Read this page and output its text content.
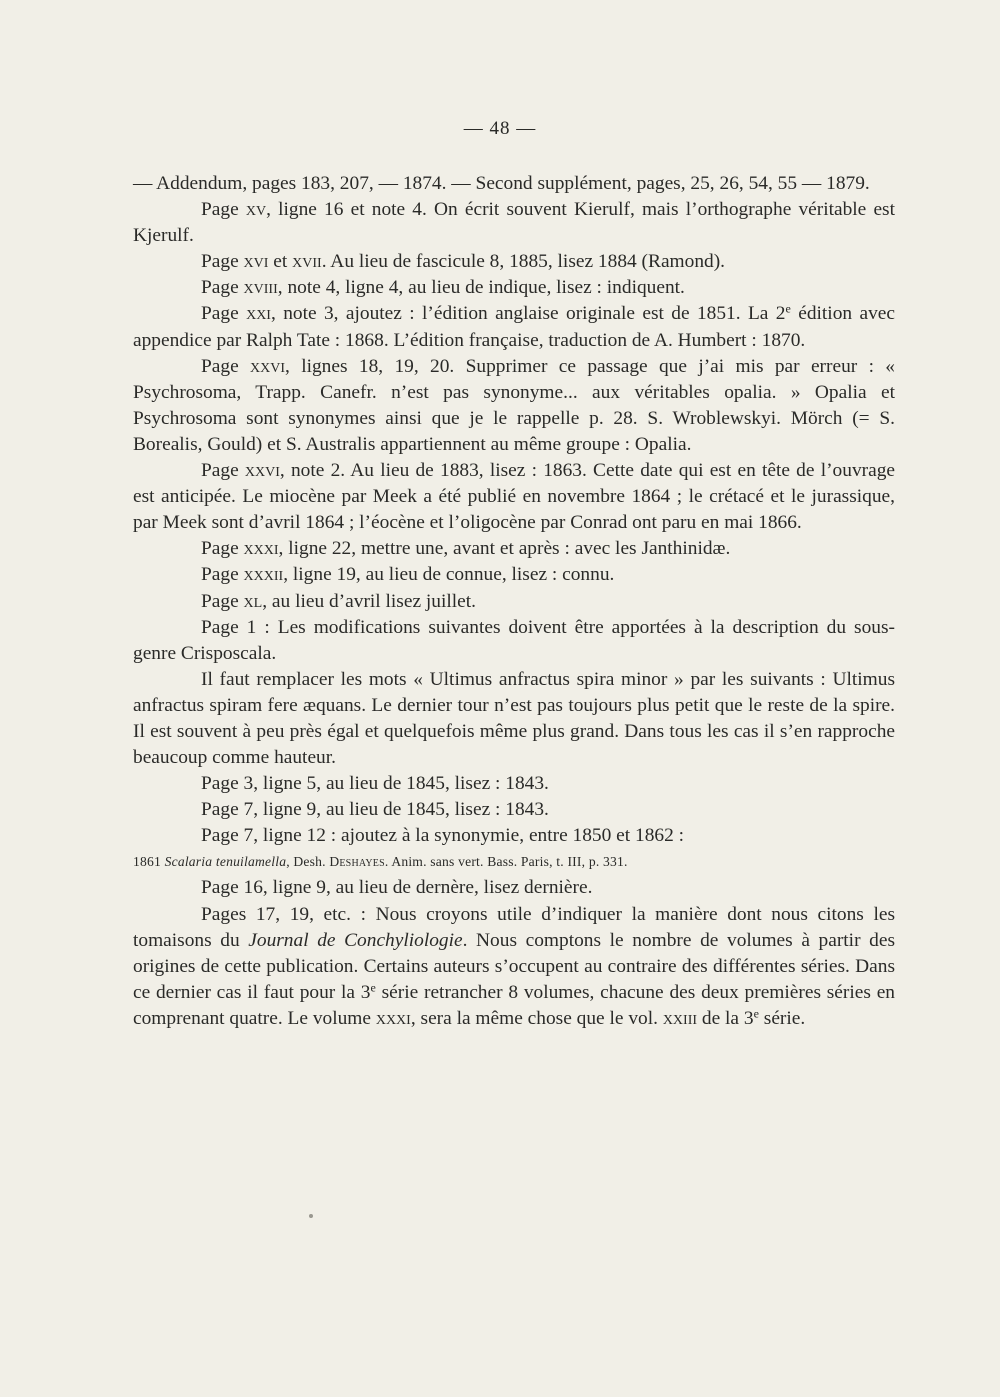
— 48 —

— Addendum, pages 183, 207, — 1874. — Second supplément, pages, 25, 26, 54, 55 — 1879.

Page xv, ligne 16 et note 4. On écrit souvent Kierulf, mais l’orthographe véritable est Kjerulf.

Page xvi et xvii. Au lieu de fascicule 8, 1885, lisez 1884 (Ramond).

Page xviii, note 4, ligne 4, au lieu de indique, lisez : indiquent.

Page xxi, note 3, ajoutez : l’édition anglaise originale est de 1851. La 2e édition avec appendice par Ralph Tate : 1868. L’édition française, traduction de A. Humbert : 1870.

Page xxvi, lignes 18, 19, 20. Supprimer ce passage que j’ai mis par erreur : « Psychrosoma, Trapp. Canefr. n’est pas synonyme... aux véritables opalia. » Opalia et Psychrosoma sont synonymes ainsi que je le rappelle p. 28. S. Wroblewskyi. Mörch (= S. Borealis, Gould) et S. Australis appartiennent au même groupe : Opalia.

Page xxvi, note 2. Au lieu de 1883, lisez : 1863. Cette date qui est en tête de l’ouvrage est anticipée. Le miocène par Meek a été publié en novembre 1864 ; le crétacé et le jurassique, par Meek sont d’avril 1864 ; l’éocène et l’oligocène par Conrad ont paru en mai 1866.

Page xxxi, ligne 22, mettre une, avant et après : avec les Janthinidæ.

Page xxxii, ligne 19, au lieu de connue, lisez : connu.

Page xl, au lieu d’avril lisez juillet.

Page 1 : Les modifications suivantes doivent être apportées à la description du sous-genre Crisposcala.

Il faut remplacer les mots « Ultimus anfractus spira minor » par les suivants : Ultimus anfractus spiram fere æquans. Le dernier tour n’est pas toujours plus petit que le reste de la spire. Il est souvent à peu près égal et quelquefois même plus grand. Dans tous les cas il s’en rapproche beaucoup comme hauteur.

Page 3, ligne 5, au lieu de 1845, lisez : 1843.

Page 7, ligne 9, au lieu de 1845, lisez : 1843.

Page 7, ligne 12 : ajoutez à la synonymie, entre 1850 et 1862 :

1861 Scalaria tenuilamella, Desh. Deshayes. Anim. sans vert. Bass. Paris, t. III, p. 331.

Page 16, ligne 9, au lieu de dernère, lisez dernière.

Pages 17, 19, etc. : Nous croyons utile d’indiquer la manière dont nous citons les tomaisons du Journal de Conchyliologie. Nous comptons le nombre de volumes à partir des origines de cette publication. Certains auteurs s’occupent au contraire des différentes séries. Dans ce dernier cas il faut pour la 3e série retrancher 8 volumes, chacune des deux premières séries en comprenant quatre. Le volume xxxi, sera la même chose que le vol. xxiii de la 3e série.
